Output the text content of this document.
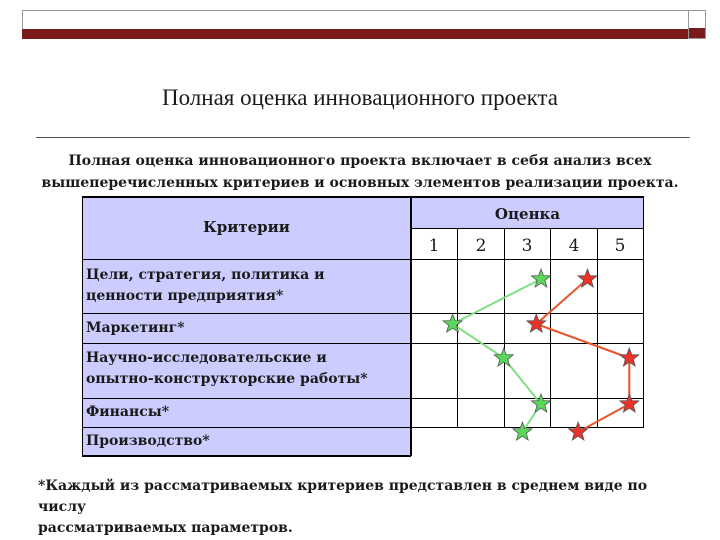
Полная оценка инновационного проекта
Полная оценка инновационного проекта включает в себя анализ всех
вышеперечисленных критериев и основных элементов реализации проекта.
Критерии
Оценка
1	2	3	4	5
Цели, стратегия, политика и
ценности предприятия*
Маркетинг*
Научно-исследовательские и
опытно-конструкторские работы*
Финансы*
Производство*
*Каждый из рассматриваемых критериев представлен в среднем виде по числу
рассматриваемых параметров.
